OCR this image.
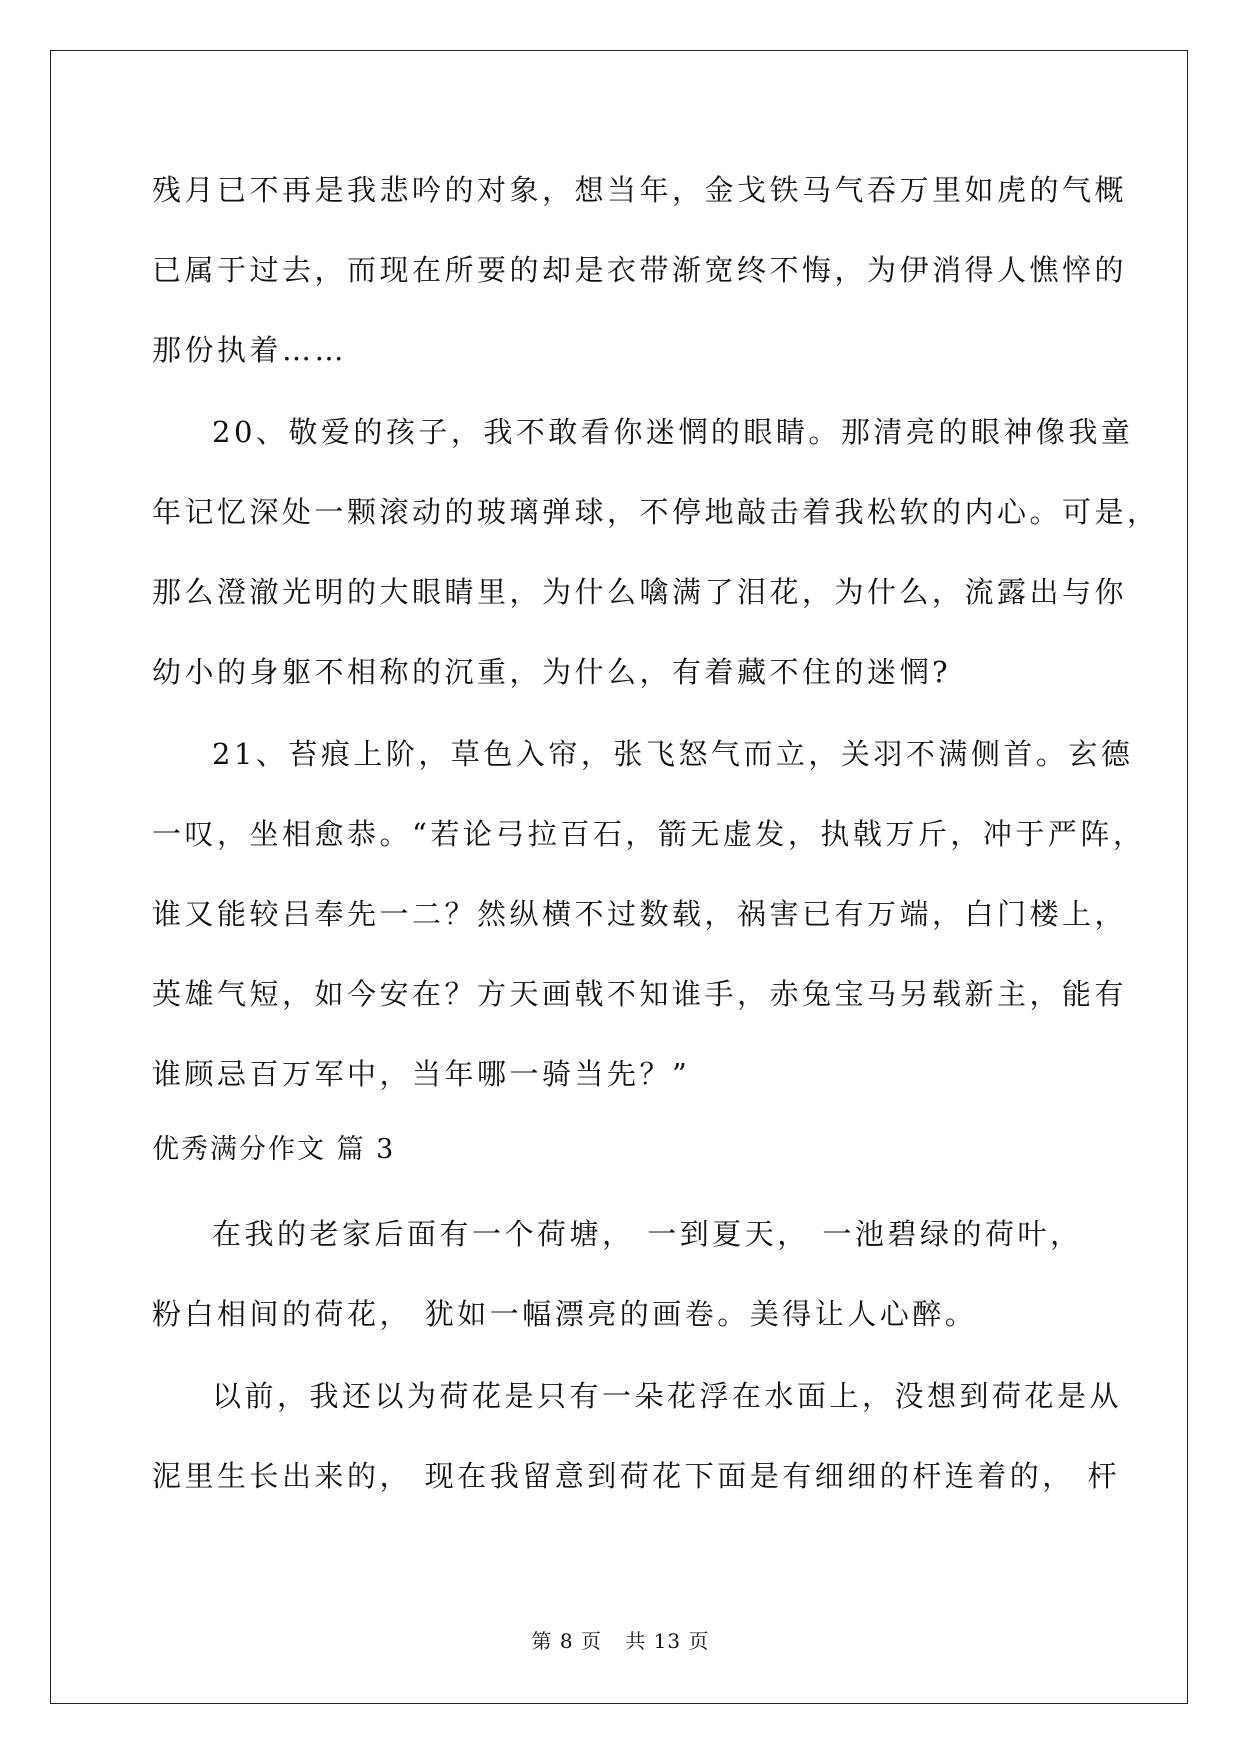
残月已不再是我悲吟的对象，想当年，金戈铁马气吞万里如虎的气概
已属于过去，而现在所要的却是衣带渐宽终不悔，为伊消得人憔悴的
那份执着……
20、敬爱的孩子，我不敢看你迷惘的眼睛。那清亮的眼神像我童
年记忆深处一颗滚动的玻璃弹球，不停地敲击着我松软的内心。可是，
那么澄澈光明的大眼睛里，为什么噙满了泪花，为什么，流露出与你
幼小的身躯不相称的沉重，为什么，有着藏不住的迷惘?
21、苔痕上阶，草色入帘，张飞怒气而立，关羽不满侧首。玄德
一叹，坐相愈恭。“若论弓拉百石，箭无虚发，执戟万斤，冲于严阵，
谁又能较吕奉先一二？然纵横不过数载，祸害已有万端，白门楼上，
英雄气短，如今安在？方天画戟不知谁手，赤兔宝马另载新主，能有
谁顾忌百万军中，当年哪一骑当先？”
优秀满分作文 篇 3
在我的老家后面有一个荷塘， 一到夏天， 一池碧绿的荷叶，
粉白相间的荷花， 犹如一幅漂亮的画卷。美得让人心醉。
以前，我还以为荷花是只有一朵花浮在水面上，没想到荷花是从
泥里生长出来的， 现在我留意到荷花下面是有细细的杆连着的， 杆
第 8 页 共 13 页
